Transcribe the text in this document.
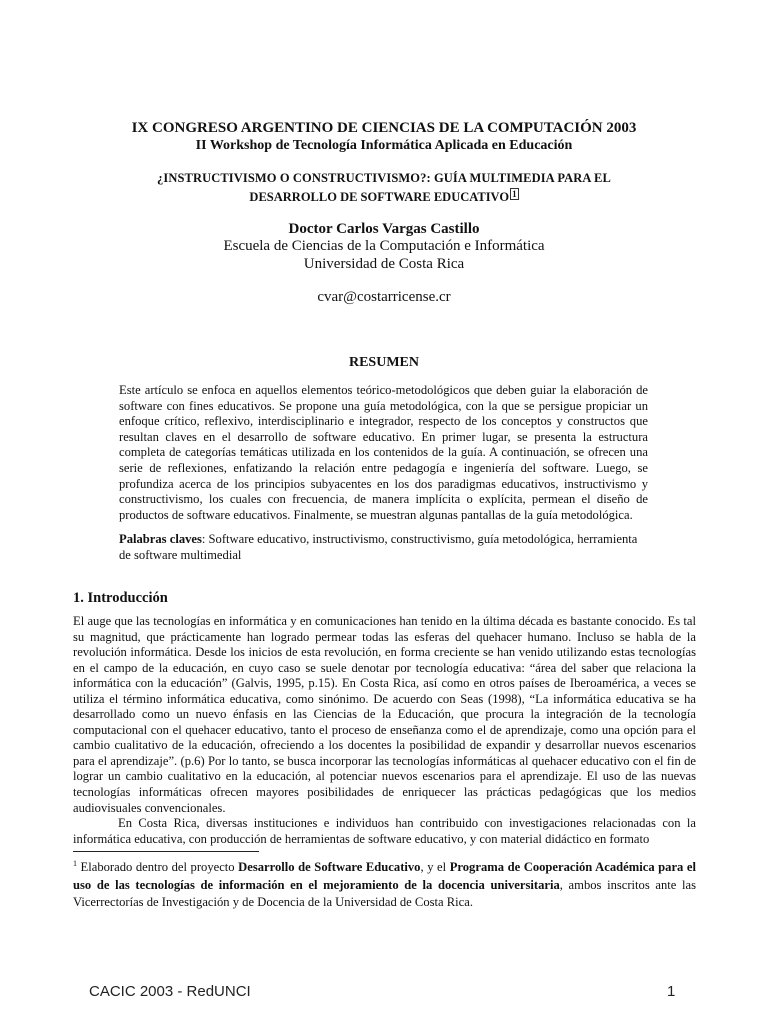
IX CONGRESO ARGENTINO DE CIENCIAS DE LA COMPUTACIÓN 2003
II Workshop de Tecnología Informática Aplicada en Educación
¿INSTRUCTIVISMO O CONSTRUCTIVISMO?: GUÍA MULTIMEDIA PARA EL
DESARROLLO DE SOFTWARE EDUCATIVO 1
Doctor Carlos Vargas Castillo
Escuela de Ciencias de la Computación e Informática
Universidad de Costa Rica
cvar@costarricense.cr
RESUMEN

Este artículo se enfoca en aquellos elementos teórico-metodológicos que deben guiar la elaboración de software con fines educativos. Se propone una guía metodológica, con la que se persigue propiciar un enfoque crítico, reflexivo, interdisciplinario e integrador, respecto de los conceptos y constructos que resultan claves en el desarrollo de software educativo. En primer lugar, se presenta la estructura completa de categorías temáticas utilizada en los contenidos de la guía. A continuación, se ofrecen una serie de reflexiones, enfatizando la relación entre pedagogía e ingeniería del software. Luego, se profundiza acerca de los principios subyacentes en los dos paradigmas educativos, instructivismo y constructivismo, los cuales con frecuencia, de manera implícita o explícita, permean el diseño de productos de software educativos. Finalmente, se muestran algunas pantallas de la guía metodológica.

Palabras claves: Software educativo, instructivismo, constructivismo, guía metodológica, herramienta de software multimedial

1. Introducción

El auge que las tecnologías en informática y en comunicaciones han tenido en la última década es bastante conocido. Es tal su magnitud, que prácticamente han logrado permear todas las esferas del quehacer humano. Incluso se habla de la revolución informática. Desde los inicios de esta revolución, en forma creciente se han venido utilizando estas tecnologías en el campo de la educación, en cuyo caso se suele denotar por tecnología educativa: “área del saber que relaciona la informática con la educación” (Galvis, 1995, p.15). En Costa Rica, así como en otros países de Iberoamérica, a veces se utiliza el término informática educativa, como sinónimo. De acuerdo con Seas (1998), “La informática educativa se ha desarrollado como un nuevo énfasis en las Ciencias de la Educación, que procura la integración de la tecnología computacional con el quehacer educativo, tanto el proceso de enseñanza como el de aprendizaje, como una opción para el cambio cualitativo de la educación, ofreciendo a los docentes la posibilidad de expandir y desarrollar nuevos escenarios para el aprendizaje”. (p.6) Por lo tanto, se busca incorporar las tecnologías informáticas al quehacer educativo con el fin de lograr un cambio cualitativo en la educación, al potenciar nuevos escenarios para el aprendizaje. El uso de las nuevas tecnologías informáticas ofrecen mayores posibilidades de enriquecer las prácticas pedagógicas que los medios audiovisuales convencionales.

En Costa Rica, diversas instituciones e individuos han contribuido con investigaciones relacionadas con la informática educativa, con producción de herramientas de software educativo, y con material didáctico en formato

$^1$ Elaborado dentro del proyecto Desarrollo de Software Educativo, y el Programa de Cooperación Académica para el uso de las tecnologías de información en el mejoramiento de la docencia universitaria, ambos inscritos ante las Vicerrectorías de Investigación y de Docencia de la Universidad de Costa Rica.

CACIC 2003 - RedUNCI	1
